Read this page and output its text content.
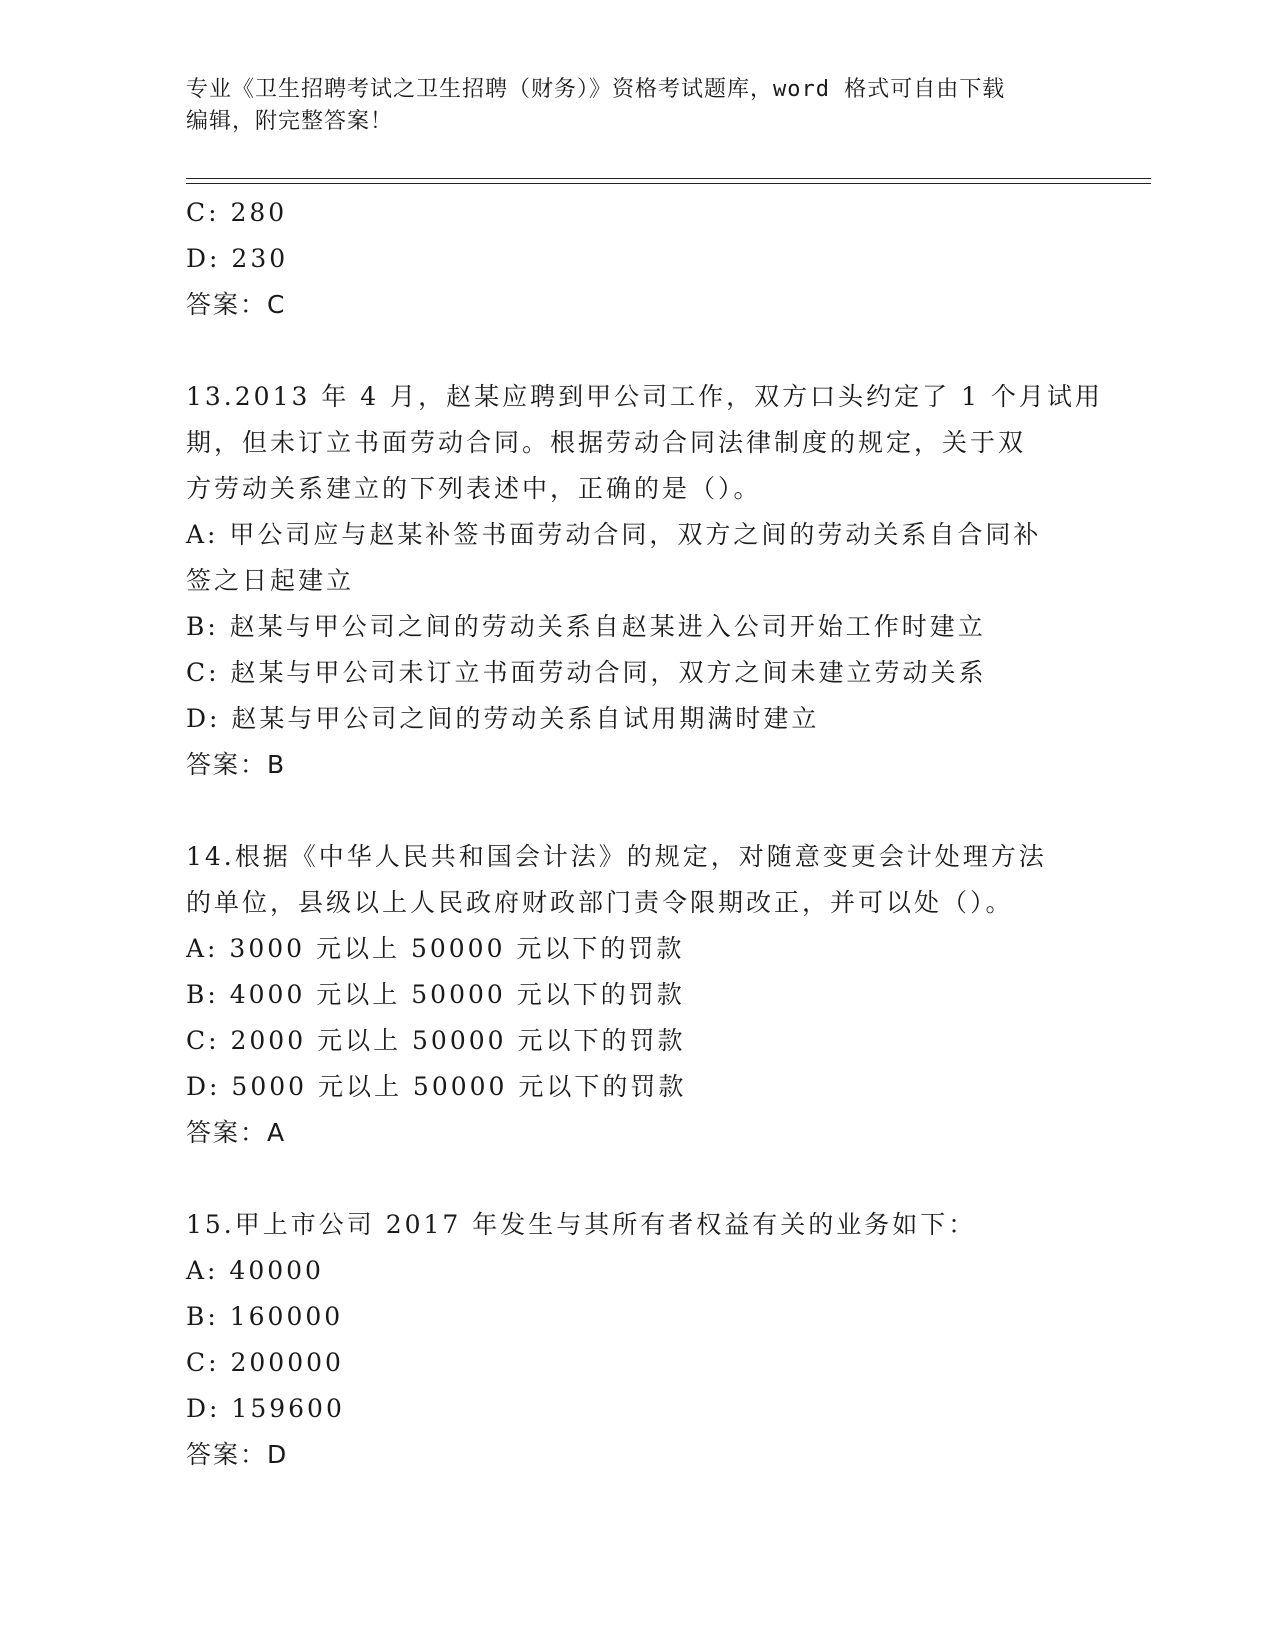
专业《卫生招聘考试之卫生招聘（财务）》资格考试题库，word 格式可自由下载
编辑，附完整答案！
C: 280
D: 230
答案：C
13.2013 年 4 月，赵某应聘到甲公司工作，双方口头约定了 1 个月试用
期，但未订立书面劳动合同。根据劳动合同法律制度的规定，关于双
方劳动关系建立的下列表述中，正确的是（）。
A: 甲公司应与赵某补签书面劳动合同，双方之间的劳动关系自合同补
签之日起建立
B: 赵某与甲公司之间的劳动关系自赵某进入公司开始工作时建立
C: 赵某与甲公司未订立书面劳动合同，双方之间未建立劳动关系
D: 赵某与甲公司之间的劳动关系自试用期满时建立
答案：B
14.根据《中华人民共和国会计法》的规定，对随意变更会计处理方法
的单位，县级以上人民政府财政部门责令限期改正，并可以处（）。
A: 3000 元以上 50000 元以下的罚款
B: 4000 元以上 50000 元以下的罚款
C: 2000 元以上 50000 元以下的罚款
D: 5000 元以上 50000 元以下的罚款
答案：A
15.甲上市公司 2017 年发生与其所有者权益有关的业务如下：
A: 40000
B: 160000
C: 200000
D: 159600
答案：D
